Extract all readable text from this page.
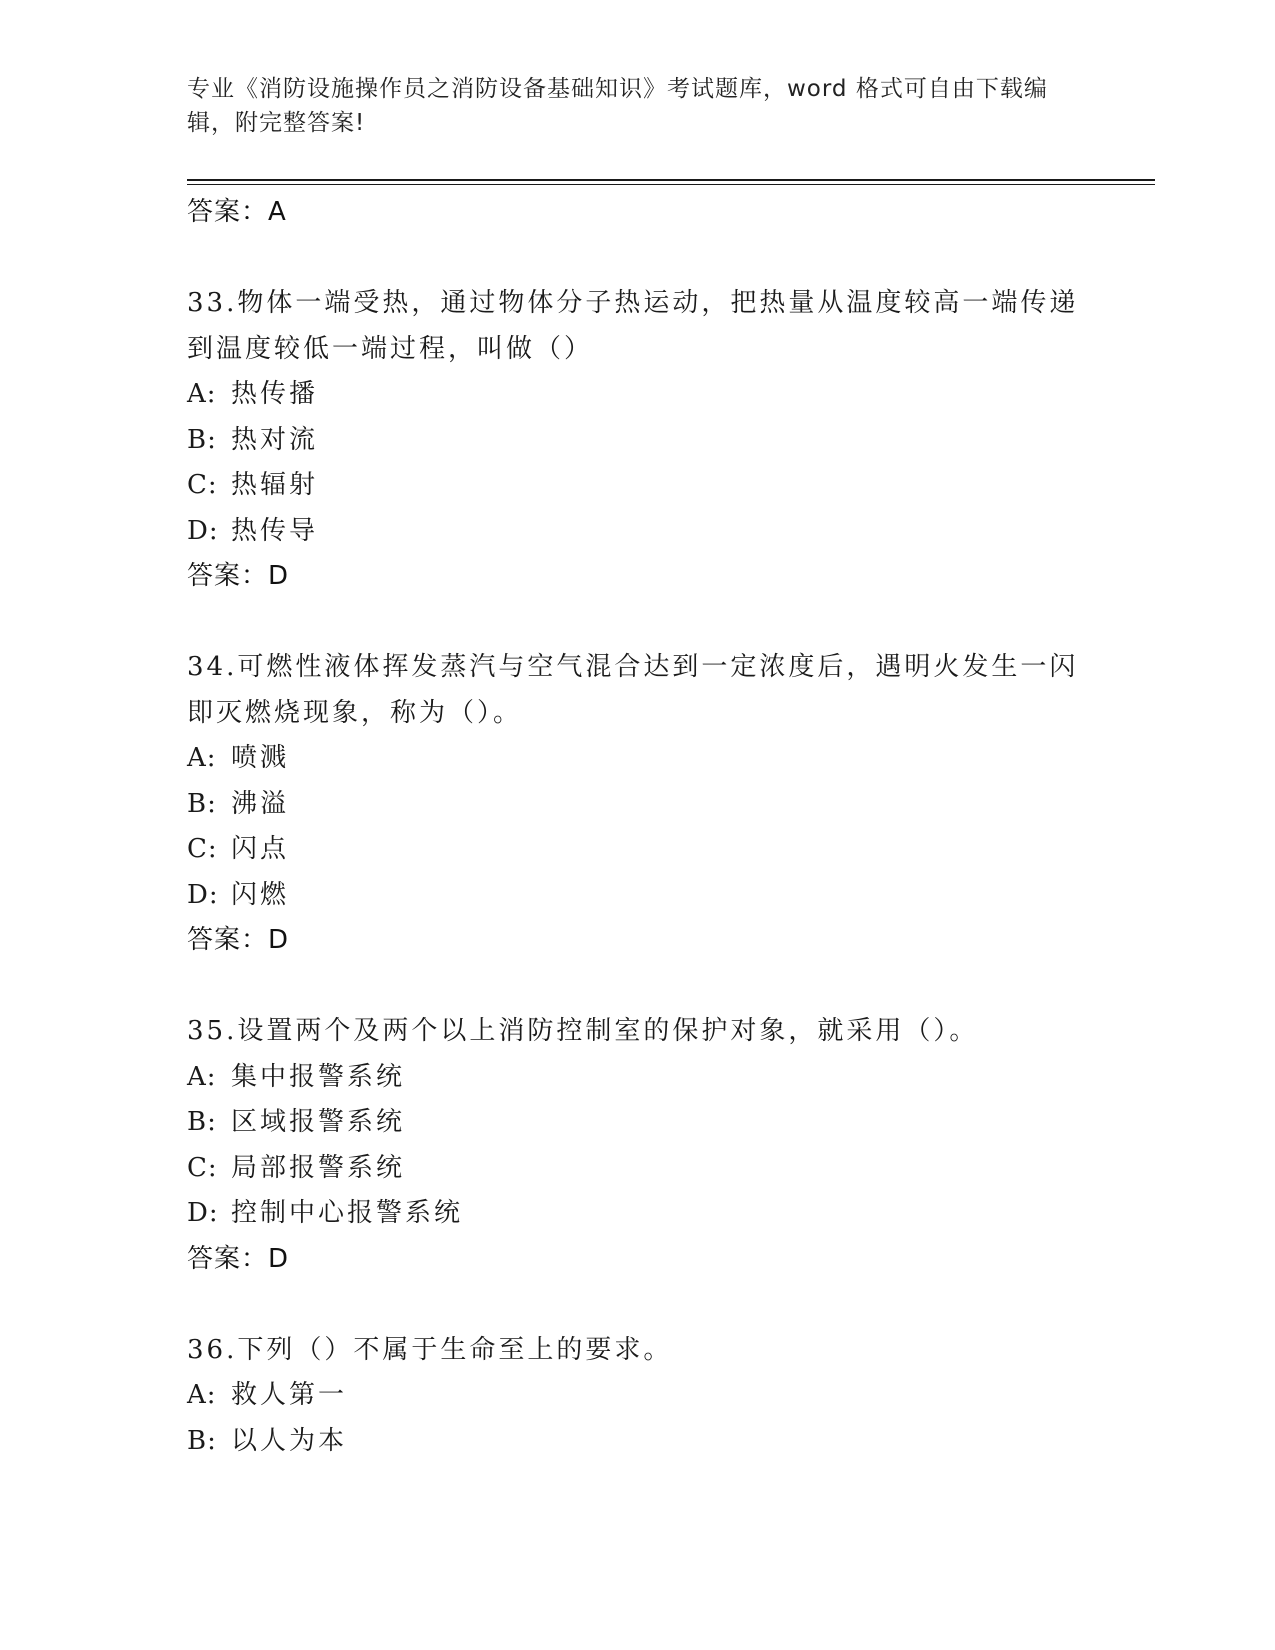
专业《消防设施操作员之消防设备基础知识》考试题库，word 格式可自由下载编
辑，附完整答案!
答案：A
33.物体一端受热，通过物体分子热运动，把热量从温度较高一端传递
到温度较低一端过程，叫做（）
A: 热传播
B: 热对流
C: 热辐射
D: 热传导
答案：D
34.可燃性液体挥发蒸汽与空气混合达到一定浓度后，遇明火发生一闪
即灭燃烧现象，称为（）。
A: 喷溅
B: 沸溢
C: 闪点
D: 闪燃
答案：D
35.设置两个及两个以上消防控制室的保护对象，就采用（）。
A: 集中报警系统
B: 区域报警系统
C: 局部报警系统
D: 控制中心报警系统
答案：D
36.下列（）不属于生命至上的要求。
A: 救人第一
B: 以人为本
